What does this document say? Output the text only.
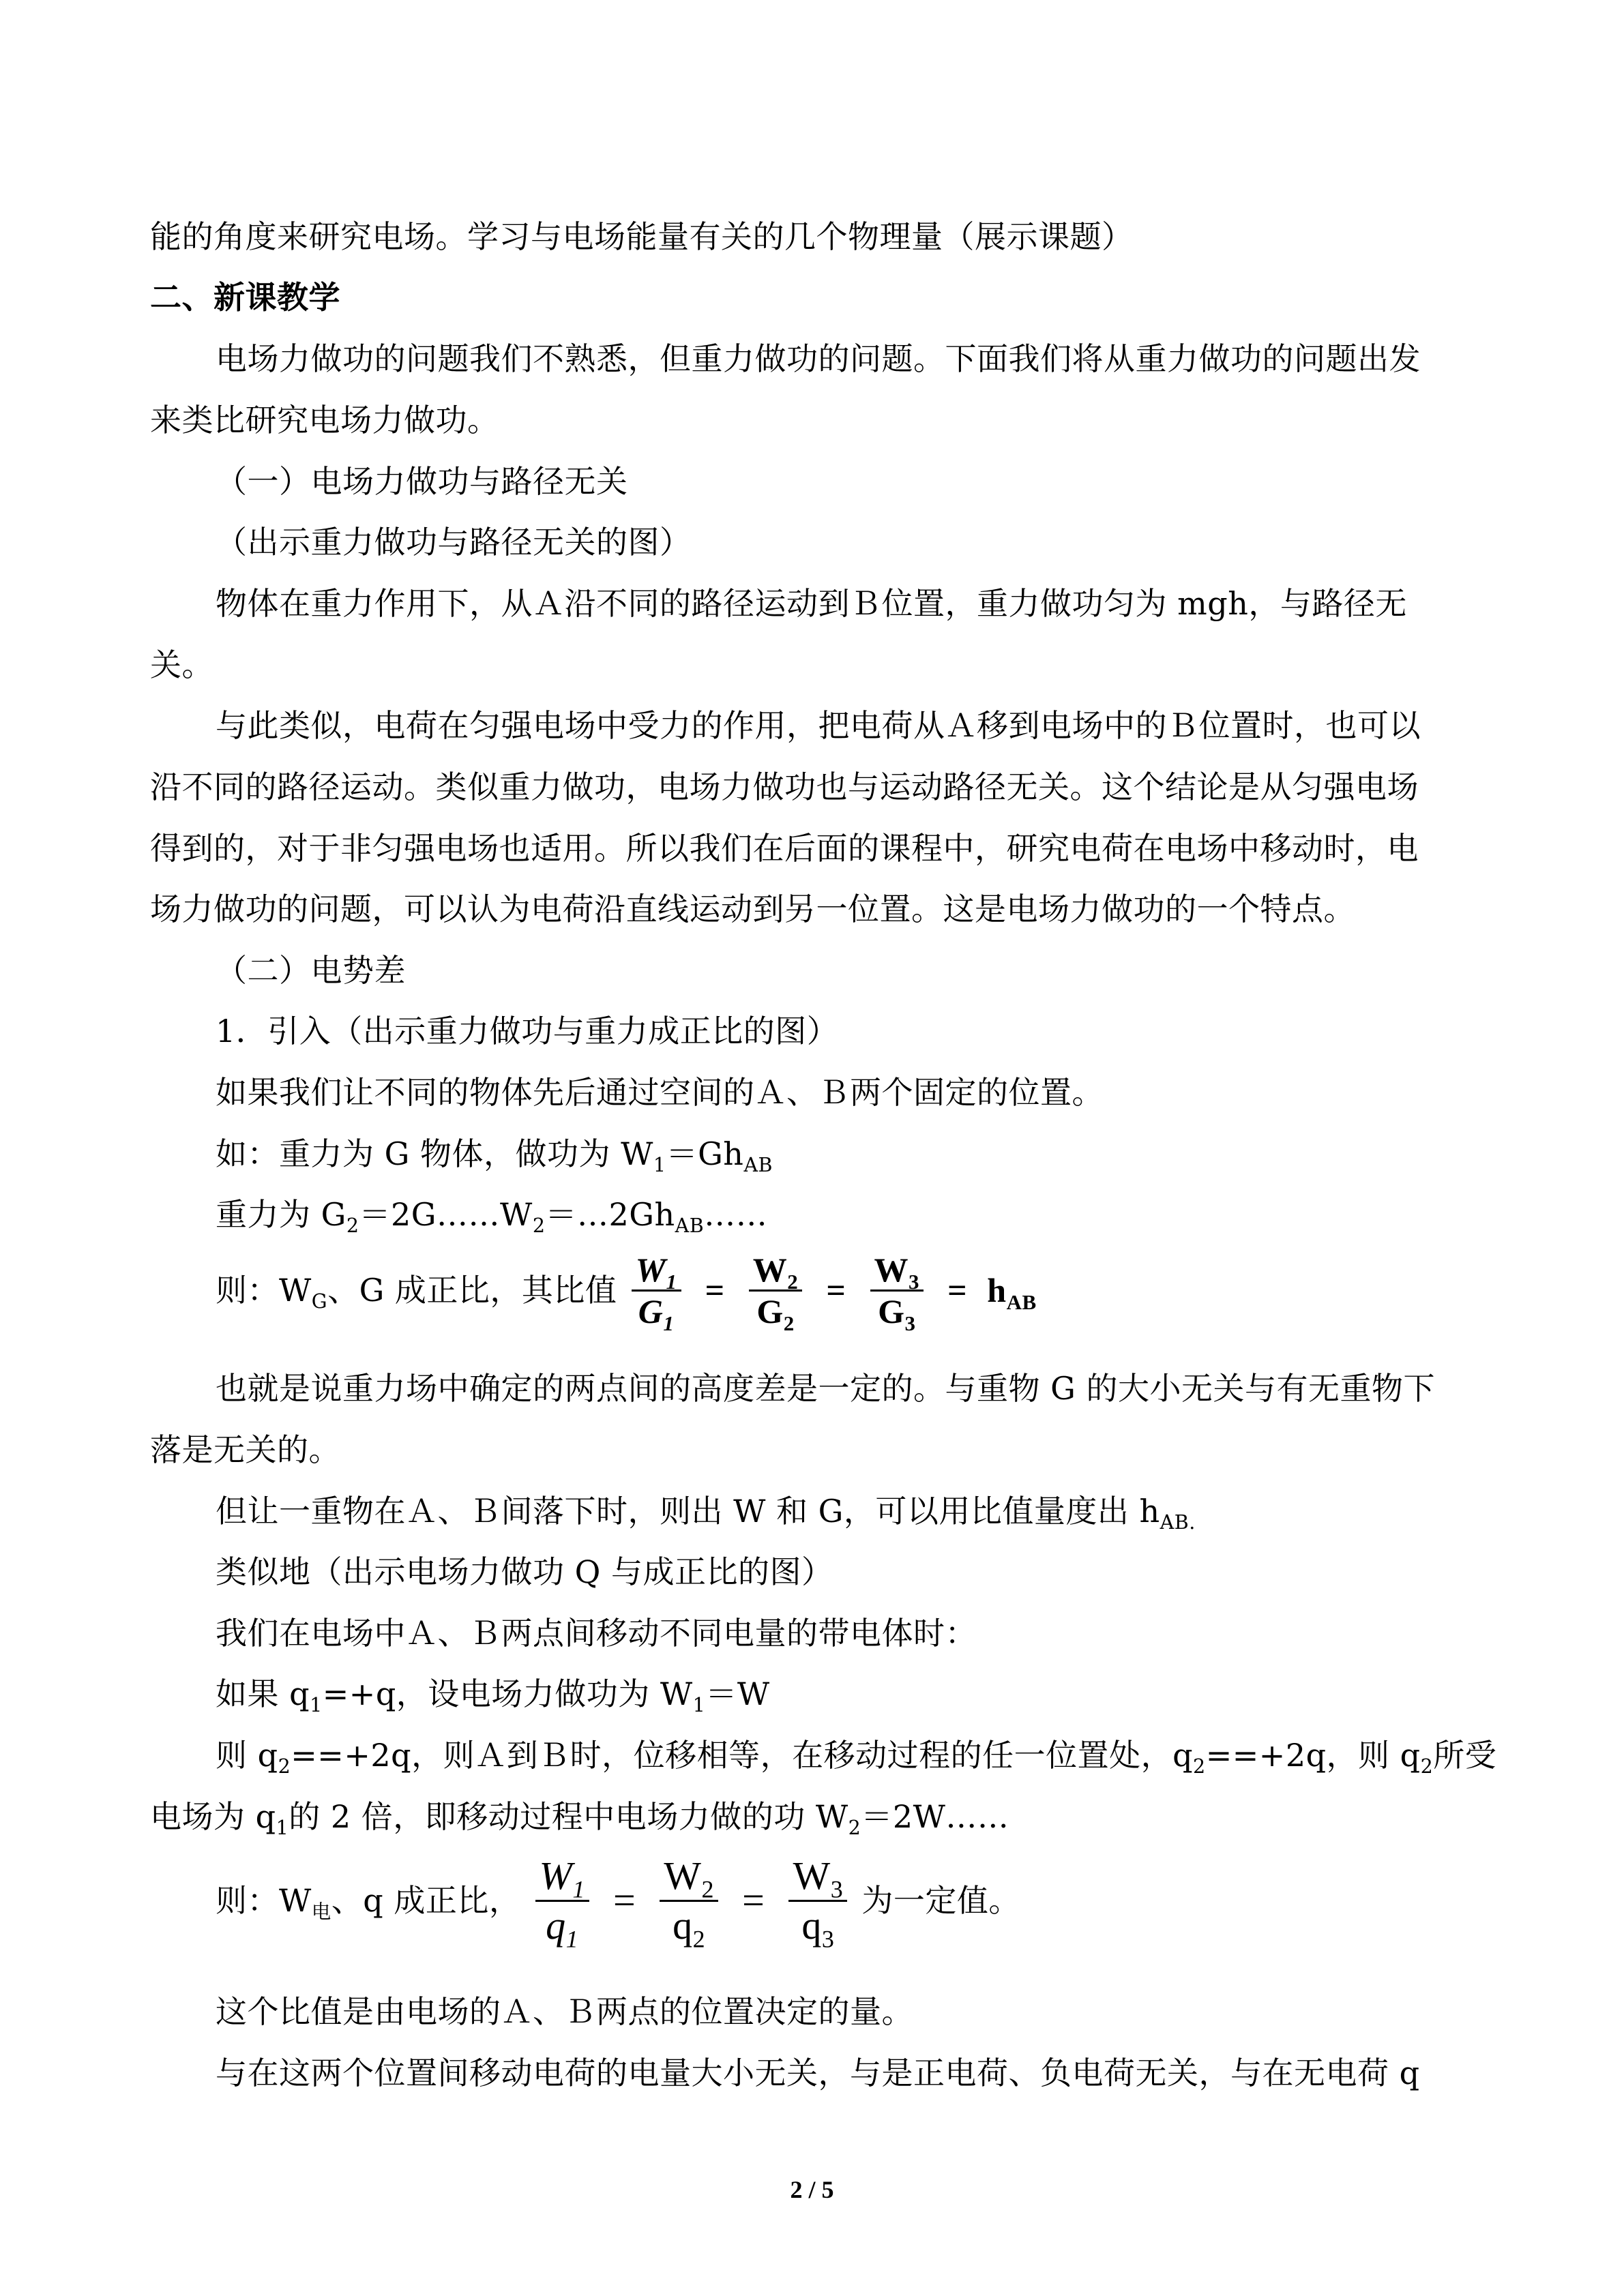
能的角度来研究电场。学习与电场能量有关的几个物理量（展示课题）
二、新课教学
电场力做功的问题我们不熟悉，但重力做功的问题。下面我们将从重力做功的问题出发
来类比研究电场力做功。
（一）电场力做功与路径无关
（出示重力做功与路径无关的图）
物体在重力作用下，从Ａ沿不同的路径运动到Ｂ位置，重力做功匀为 mgh，与路径无
关。
与此类似，电荷在匀强电场中受力的作用，把电荷从Ａ移到电场中的Ｂ位置时，也可以
沿不同的路径运动。类似重力做功，电场力做功也与运动路径无关。这个结论是从匀强电场
得到的，对于非匀强电场也适用。所以我们在后面的课程中，研究电荷在电场中移动时，电
场力做功的问题，可以认为电荷沿直线运动到另一位置。这是电场力做功的一个特点。
（二）电势差
1．引入（出示重力做功与重力成正比的图）
如果我们让不同的物体先后通过空间的Ａ、Ｂ两个固定的位置。
如：重力为 G 物体，做功为 $W_1=Gh_{AB}$
重力为 $G_2=2G\dots\dots W_2=\dots 2Gh_{AB}\dots\dots$
则：$W_G$、G 成正比，其比值 $\frac{W_1}{G_1} = \frac{W_2}{G_2} = \frac{W_3}{G_3} = h_{AB}$
也就是说重力场中确定的两点间的高度差是一定的。与重物 G 的大小无关与有无重物下
落是无关的。
但让一重物在Ａ、Ｂ间落下时，则出 W 和 G，可以用比值量度出 $h_{AB.}$
类似地（出示电场力做功 Q 与成正比的图）
我们在电场中Ａ、Ｂ两点间移动不同电量的带电体时：
如果 $q_1=+q$，设电场力做功为 $W_1=W$
则 $q_2==+2q$，则Ａ到Ｂ时，位移相等，在移动过程的任一位置处，$q_2==+2q$，则 $q_2$所受
电场为 $q_1$的 2 倍，即移动过程中电场力做的功 $W_2=2W\dots\dots$
则：$W_电$、q 成正比， $\frac{W_1}{q_1} = \frac{W_2}{q_2} = \frac{W_3}{q_3}$ 为一定值。
这个比值是由电场的Ａ、Ｂ两点的位置决定的量。
与在这两个位置间移动电荷的电量大小无关，与是正电荷、负电荷无关，与在无电荷 q
2 / 5
